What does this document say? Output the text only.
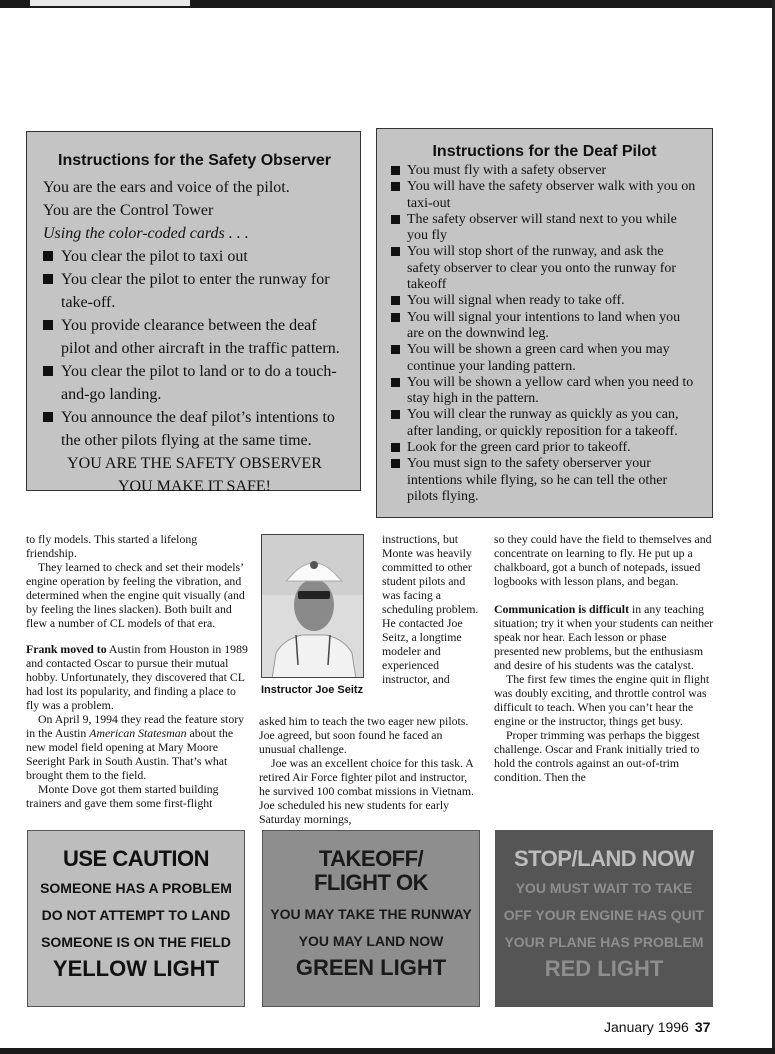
Instructions for the Safety Observer

You are the ears and voice of the pilot.

You are the Control Tower

Using the color-coded cards . . .

You clear the pilot to taxi out

You clear the pilot to enter the runway for take-off.

You provide clearance between the deaf pilot and other aircraft in the traffic pattern.

You clear the pilot to land or to do a touch-and-go landing.

You announce the deaf pilot’s intentions to the other pilots flying at the same time.

YOU ARE THE SAFETY OBSERVER

YOU MAKE IT SAFE!

Instructions for the Deaf Pilot

You must fly with a safety observer

You will have the safety observer walk with you on taxi-out

The safety observer will stand next to you while you fly

You will stop short of the runway, and ask the safety observer to clear you onto the runway for takeoff

You will signal when ready to take off.

You will signal your intentions to land when you are on the downwind leg.

You will be shown a green card when you may continue your landing pattern.

You will be shown a yellow card when you need to stay high in the pattern.

You will clear the runway as quickly as you can, after landing, or quickly reposition for a takeoff.

Look for the green card prior to takeoff.

You must sign to the safety oberserver your intentions while flying, so he can tell the other pilots flying.

to fly models. This started a lifelong friendship.

They learned to check and set their models’ engine operation by feeling the vibration, and determined when the engine quit visually (and by feeling the lines slacken). Both built and flew a number of CL models of that era.

Frank moved to Austin from Houston in 1989 and contacted Oscar to pursue their mutual hobby. Unfortunately, they discovered that CL had lost its popularity, and finding a place to fly was a problem.

On April 9, 1994 they read the feature story in the Austin American Statesman about the new model field opening at Mary Moore Seeright Park in South Austin. That’s what brought them to the field.

Monte Dove got them started building trainers and gave them some first-flight

Instructor Joe Seitz

instructions, but Monte was heavily committed to other student pilots and was facing a scheduling problem. He contacted Joe Seitz, a longtime modeler and experienced instructor, and

asked him to teach the two eager new pilots. Joe agreed, but soon found he faced an unusual challenge.

Joe was an excellent choice for this task. A retired Air Force fighter pilot and instructor, he survived 100 combat missions in Vietnam. Joe scheduled his new students for early Saturday mornings,

so they could have the field to themselves and concentrate on learning to fly. He put up a chalkboard, got a bunch of notepads, issued logbooks with lesson plans, and began.

Communication is difficult in any teaching situation; try it when your students can neither speak nor hear. Each lesson or phase presented new problems, but the enthusiasm and desire of his students was the catalyst.

The first few times the engine quit in flight was doubly exciting, and throttle control was difficult to teach. When you can’t hear the engine or the instructor, things get busy.

Proper trimming was perhaps the biggest challenge. Oscar and Frank initially tried to hold the controls against an out-of-trim condition. Then the

USE CAUTION
SOMEONE HAS A PROBLEM
DO NOT ATTEMPT TO LAND
SOMEONE IS ON THE FIELD
YELLOW LIGHT
TAKEOFF/
FLIGHT OK
YOU MAY TAKE THE RUNWAY
YOU MAY LAND NOW
GREEN LIGHT
STOP/LAND NOW
YOU MUST WAIT TO TAKE
OFF YOUR ENGINE HAS QUIT
YOUR PLANE HAS PROBLEM
RED LIGHT
January 1996 37
